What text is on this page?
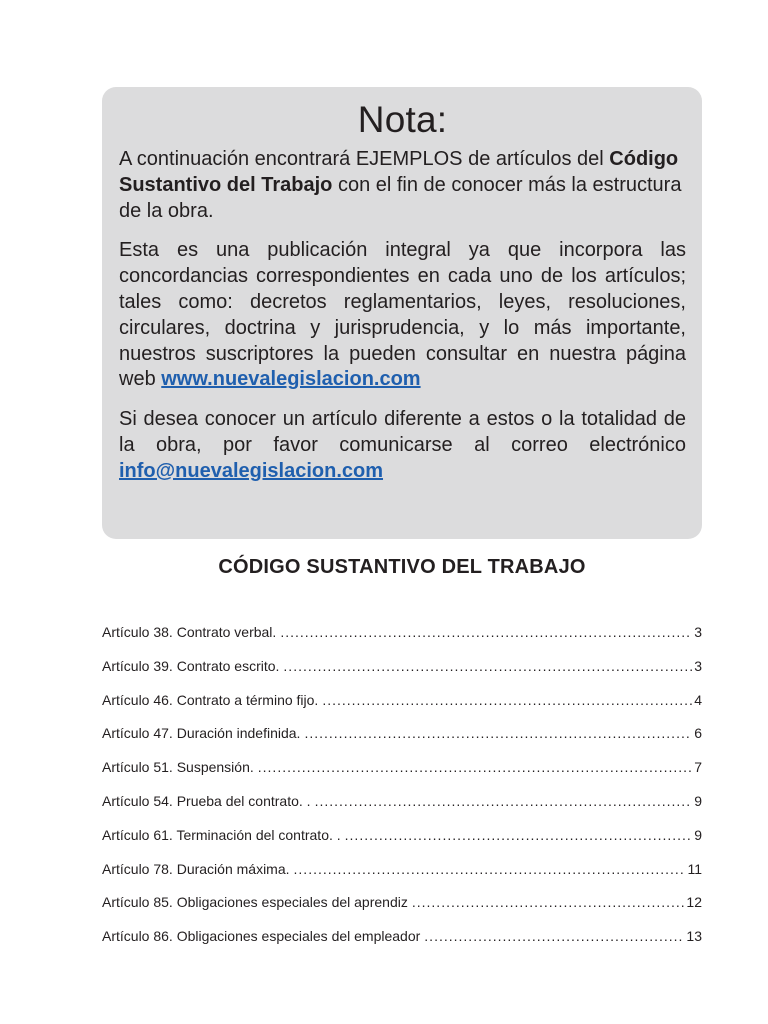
Nota:

A continuación encontrará EJEMPLOS de artículos del Código Sustantivo del Trabajo con el fin de conocer más la estructura de la obra.

Esta es una publicación integral ya que incorpora las concordancias correspondientes en cada uno de los artículos; tales como: decretos reglamentarios, leyes, resoluciones, circulares, doctrina y jurisprudencia, y lo más importante, nuestros suscriptores la pueden consultar en nuestra página web www.nuevalegislacion.com

Si desea conocer un artículo diferente a estos o la totalidad de la obra, por favor comunicarse al correo electrónico info@nuevalegislacion.com

CÓDIGO SUSTANTIVO DEL TRABAJO
Artículo 38. Contrato verbal. .....	3
Artículo 39. Contrato escrito. .....	3
Artículo 46. Contrato a término fijo. .....	4
Artículo 47. Duración indefinida. .....	6
Artículo 51. Suspensión. .....	7
Artículo 54. Prueba del contrato. . .....	9
Artículo 61. Terminación del contrato. . .....	9
Artículo 78. Duración máxima. .....	11
Artículo 85. Obligaciones especiales del aprendiz .....	12
Artículo 86. Obligaciones especiales del empleador .....	13
